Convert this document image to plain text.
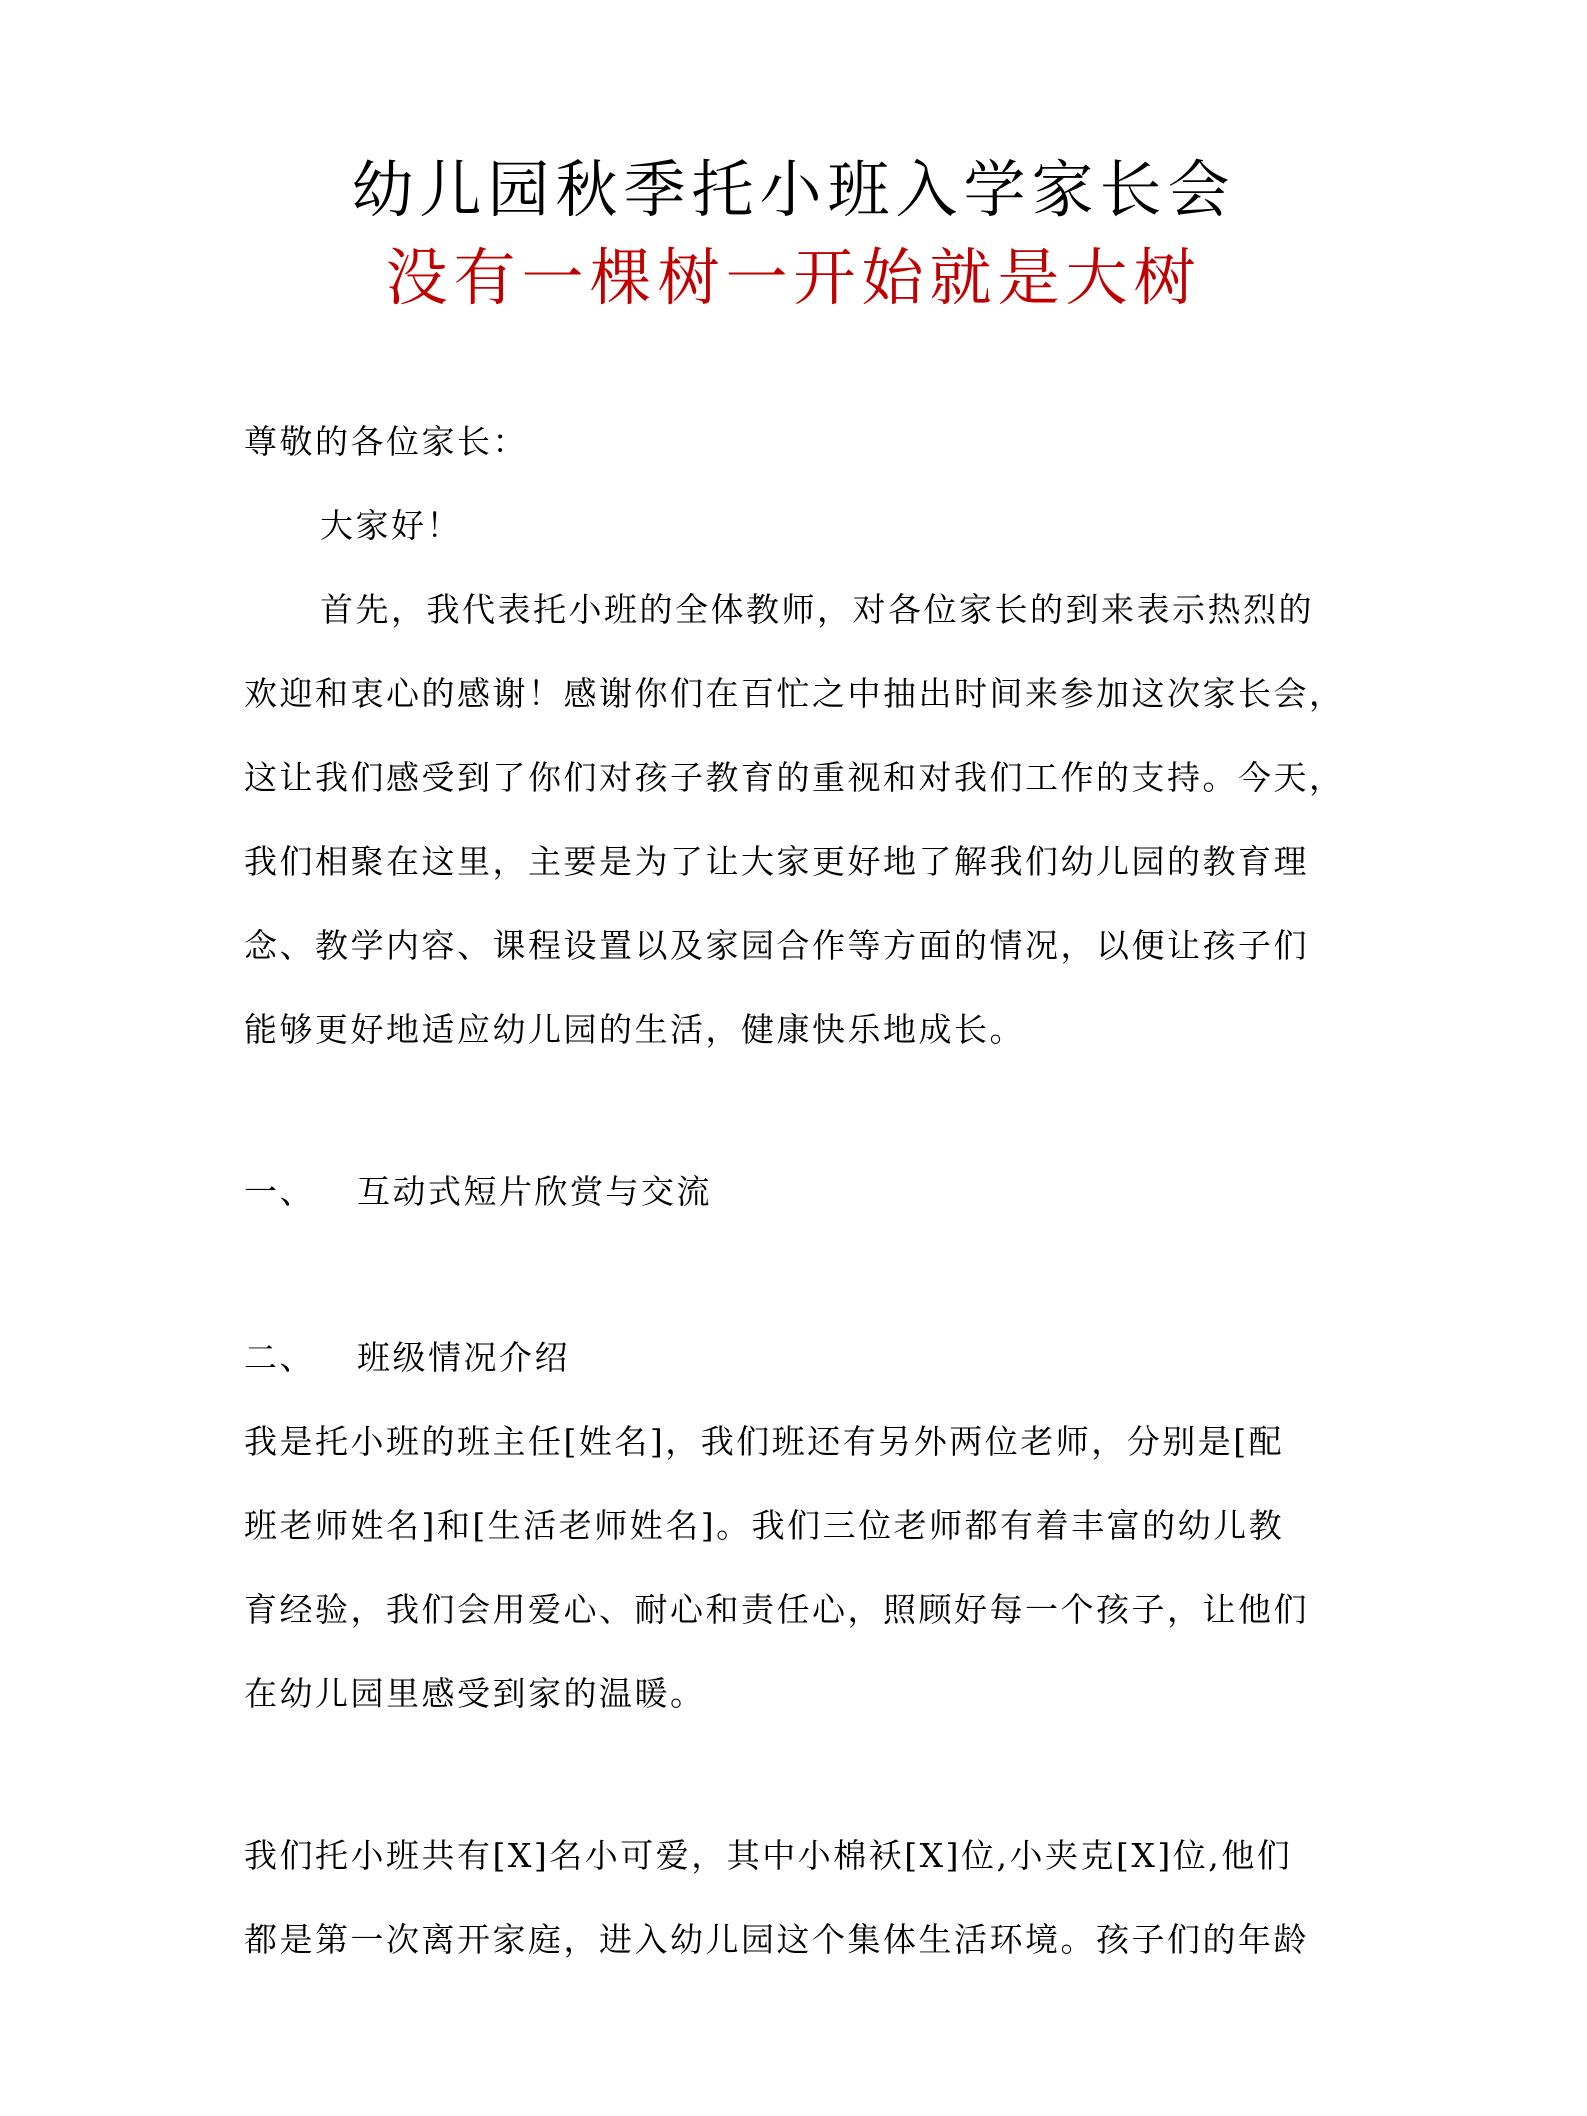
幼儿园秋季托小班入学家长会
没有一棵树一开始就是大树
尊敬的各位家长：
大家好！
首先，我代表托小班的全体教师，对各位家长的到来表示热烈的
欢迎和衷心的感谢！感谢你们在百忙之中抽出时间来参加这次家长会，
这让我们感受到了你们对孩子教育的重视和对我们工作的支持。今天，
我们相聚在这里，主要是为了让大家更好地了解我们幼儿园的教育理
念、教学内容、课程设置以及家园合作等方面的情况，以便让孩子们
能够更好地适应幼儿园的生活，健康快乐地成长。
一、 互动式短片欣赏与交流
二、 班级情况介绍
我是托小班的班主任[姓名]，我们班还有另外两位老师，分别是[配
班老师姓名]和[生活老师姓名]。我们三位老师都有着丰富的幼儿教
育经验，我们会用爱心、耐心和责任心，照顾好每一个孩子，让他们
在幼儿园里感受到家的温暖。
我们托小班共有[X]名小可爱，其中小棉袄[X]位,小夹克[X]位,他们
都是第一次离开家庭，进入幼儿园这个集体生活环境。孩子们的年龄
